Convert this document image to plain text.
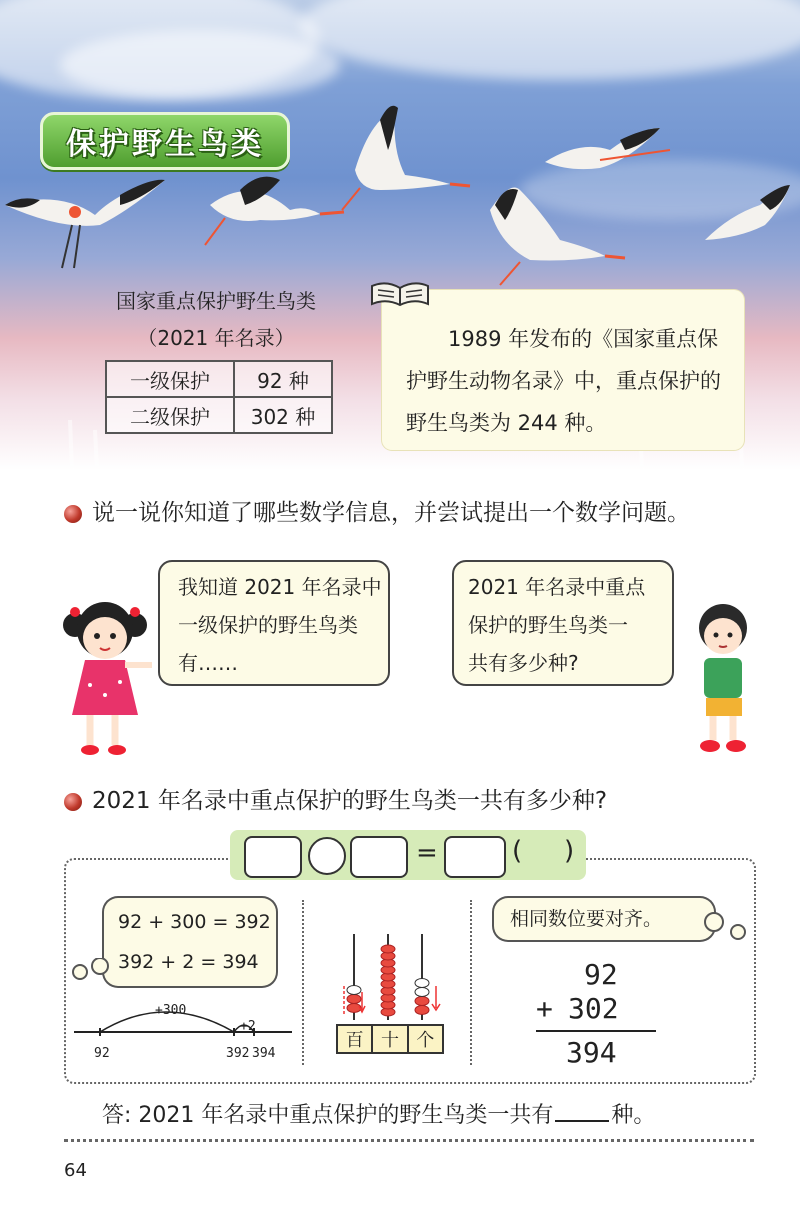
保护野生鸟类
国家重点保护野生鸟类
（2021 年名录）
一级保护	92 种
二级保护	302 种

1989 年发布的《国家重点保护野生动物名录》中，重点保护的野生鸟类为 244 种。

说一说你知道了哪些数学信息，并尝试提出一个数学问题。
我知道 2021 年名录中
一级保护的野生鸟类
有……
2021 年名录中重点
保护的野生鸟类一
共有多少种?
2021 年名录中重点保护的野生鸟类一共有多少种?
=	( )
92 + 300 = 392
392 + 2 = 394
+300
+2
92	392 394
百 十 个
相同数位要对齐。
92
+ 302
394
答: 2021 年名录中重点保护的野生鸟类一共有	种。
64
